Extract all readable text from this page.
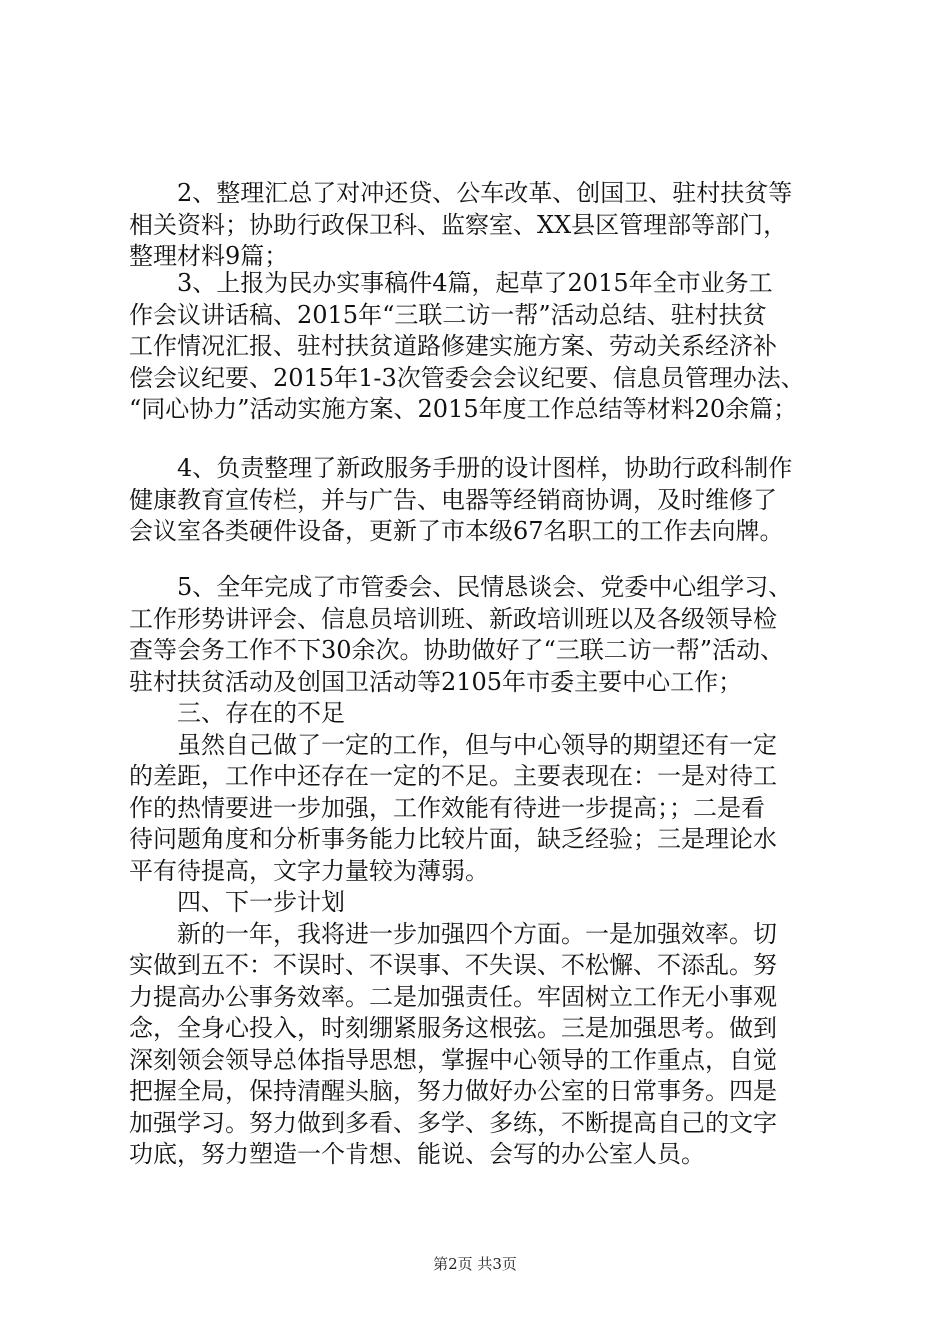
　　2、整理汇总了对冲还贷、公车改革、创国卫、驻村扶贫等
相关资料；协助行政保卫科、监察室、XX县区管理部等部门，
整理材料9篇；
　　3、上报为民办实事稿件4篇，起草了2015年全市业务工
作会议讲话稿、2015年“三联二访一帮”活动总结、驻村扶贫
工作情况汇报、驻村扶贫道路修建实施方案、劳动关系经济补
偿会议纪要、2015年1-3次管委会会议纪要、信息员管理办法、
“同心协力”活动实施方案、2015年度工作总结等材料20余篇；
　　4、负责整理了新政服务手册的设计图样，协助行政科制作
健康教育宣传栏，并与广告、电器等经销商协调，及时维修了
会议室各类硬件设备，更新了市本级67名职工的工作去向牌。
　　5、全年完成了市管委会、民情恳谈会、党委中心组学习、
工作形势讲评会、信息员培训班、新政培训班以及各级领导检
查等会务工作不下30余次。协助做好了“三联二访一帮”活动、
驻村扶贫活动及创国卫活动等2105年市委主要中心工作；
　　三、存在的不足
　　虽然自己做了一定的工作，但与中心领导的期望还有一定
的差距，工作中还存在一定的不足。主要表现在：一是对待工
作的热情要进一步加强，工作效能有待进一步提高；；二是看
待问题角度和分析事务能力比较片面，缺乏经验；三是理论水
平有待提高，文字力量较为薄弱。
　　四、下一步计划
　　新的一年，我将进一步加强四个方面。一是加强效率。切
实做到五不：不误时、不误事、不失误、不松懈、不添乱。努
力提高办公事务效率。二是加强责任。牢固树立工作无小事观
念，全身心投入，时刻绷紧服务这根弦。三是加强思考。做到
深刻领会领导总体指导思想，掌握中心领导的工作重点，自觉
把握全局，保持清醒头脑，努力做好办公室的日常事务。四是
加强学习。努力做到多看、多学、多练，不断提高自己的文字
功底，努力塑造一个肯想、能说、会写的办公室人员。
第2页 共3页
